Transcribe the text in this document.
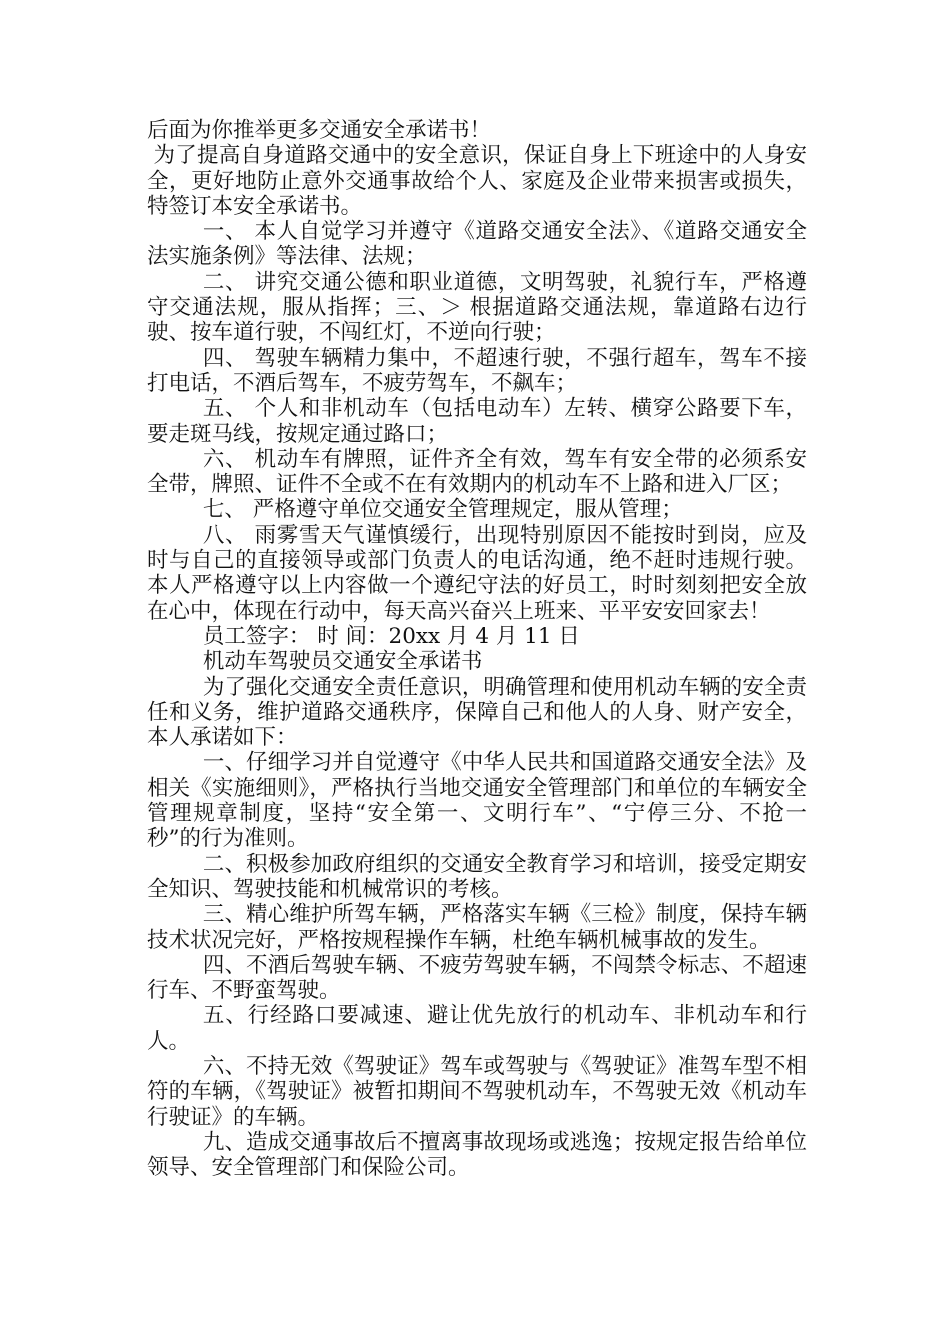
后面为你推举更多交通安全承诺书！

为了提高自身道路交通中的安全意识，保证自身上下班途中的人身安全，更好地防止意外交通事故给个人、家庭及企业带来损害或损失，特签订本安全承诺书。

一、 本人自觉学习并遵守《道路交通安全法》、《道路交通安全法实施条例》等法律、法规；

二、 讲究交通公德和职业道德，文明驾驶，礼貌行车，严格遵守交通法规，服从指挥；三、＞ 根据道路交通法规，靠道路右边行驶、按车道行驶，不闯红灯，不逆向行驶；

四、 驾驶车辆精力集中，不超速行驶，不强行超车，驾车不接打电话，不酒后驾车，不疲劳驾车，不飙车；

五、 个人和非机动车（包括电动车）左转、横穿公路要下车，要走斑马线，按规定通过路口；

六、 机动车有牌照，证件齐全有效，驾车有安全带的必须系安全带，牌照、证件不全或不在有效期内的机动车不上路和进入厂区；

七、 严格遵守单位交通安全管理规定，服从管理；

八、 雨雾雪天气谨慎缓行，出现特别原因不能按时到岗，应及时与自己的直接领导或部门负责人的电话沟通，绝不赶时违规行驶。 本人严格遵守以上内容做一个遵纪守法的好员工，时时刻刻把安全放在心中，体现在行动中，每天高兴奋兴上班来、平平安安回家去！

员工签字： 时 间：20xx 月 4 月 11 日

机动车驾驶员交通安全承诺书

为了强化交通安全责任意识，明确管理和使用机动车辆的安全责任和义务，维护道路交通秩序，保障自己和他人的人身、财产安全，本人承诺如下：

一、仔细学习并自觉遵守《中华人民共和国道路交通安全法》及相关《实施细则》，严格执行当地交通安全管理部门和单位的车辆安全管理规章制度，坚持“安全第一、文明行车”、“宁停三分、不抢一秒”的行为准则。

二、积极参加政府组织的交通安全教育学习和培训，接受定期安全知识、驾驶技能和机械常识的考核。

三、精心维护所驾车辆，严格落实车辆《三检》制度，保持车辆技术状况完好，严格按规程操作车辆，杜绝车辆机械事故的发生。

四、不酒后驾驶车辆、不疲劳驾驶车辆，不闯禁令标志、不超速行车、不野蛮驾驶。

五、行经路口要减速、避让优先放行的机动车、非机动车和行人。

六、不持无效《驾驶证》驾车或驾驶与《驾驶证》准驾车型不相符的车辆，《驾驶证》被暂扣期间不驾驶机动车，不驾驶无效《机动车行驶证》的车辆。

九、造成交通事故后不擅离事故现场或逃逸；按规定报告给单位领导、安全管理部门和保险公司。
